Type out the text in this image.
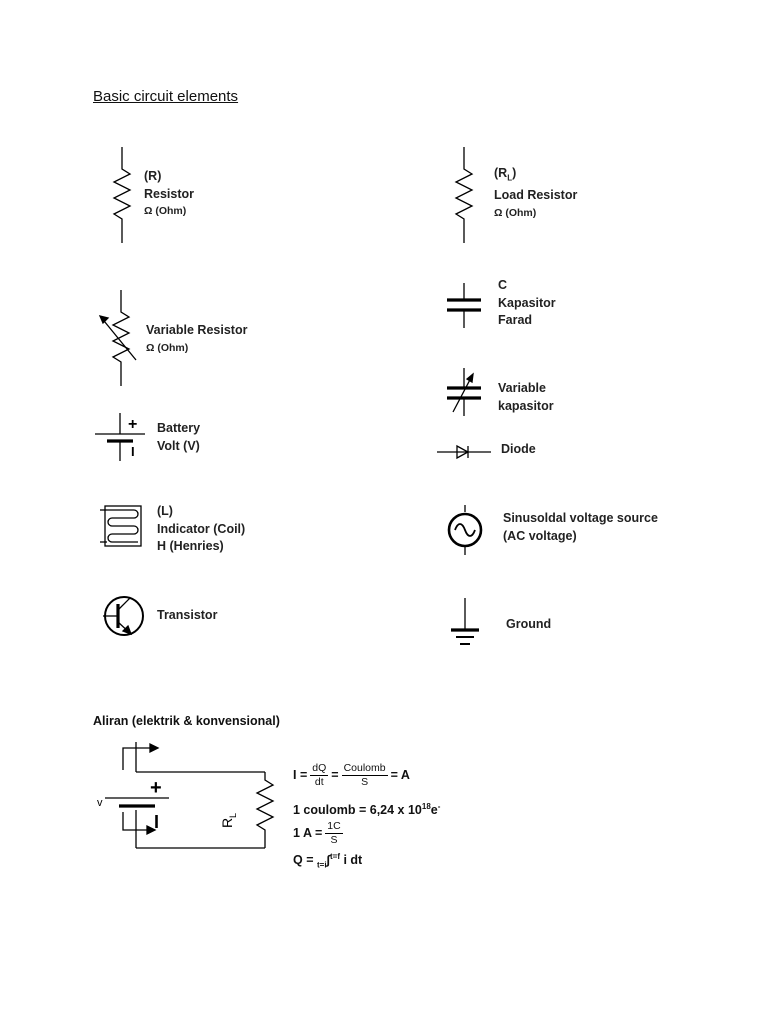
Basic circuit elements
(R)
Resistor
Ω (Ohm)
$(R_L)$
Load Resistor
Ω (Ohm)
C
Kapasitor
Farad
Variable Resistor
Ω (Ohm)
Variable
kapasitor
+
I
Battery
Volt (V)	Diode
(L)
Indicator (Coil)
H (Henries)
Sinusoldal voltage source
(AC voltage)
Transistor
Ground
Aliran (elektrik & konvensional)
v
+
I	R
L
$I = \frac{dQ}{dt} = \frac{\text{Coulomb}}{S} = A$
1 coulomb = 6,24 x $10^{18}e^-$
1 $A = \frac{1C}{S}$
Q = $_{t=i}$∫$^{t=f}$ i dt
